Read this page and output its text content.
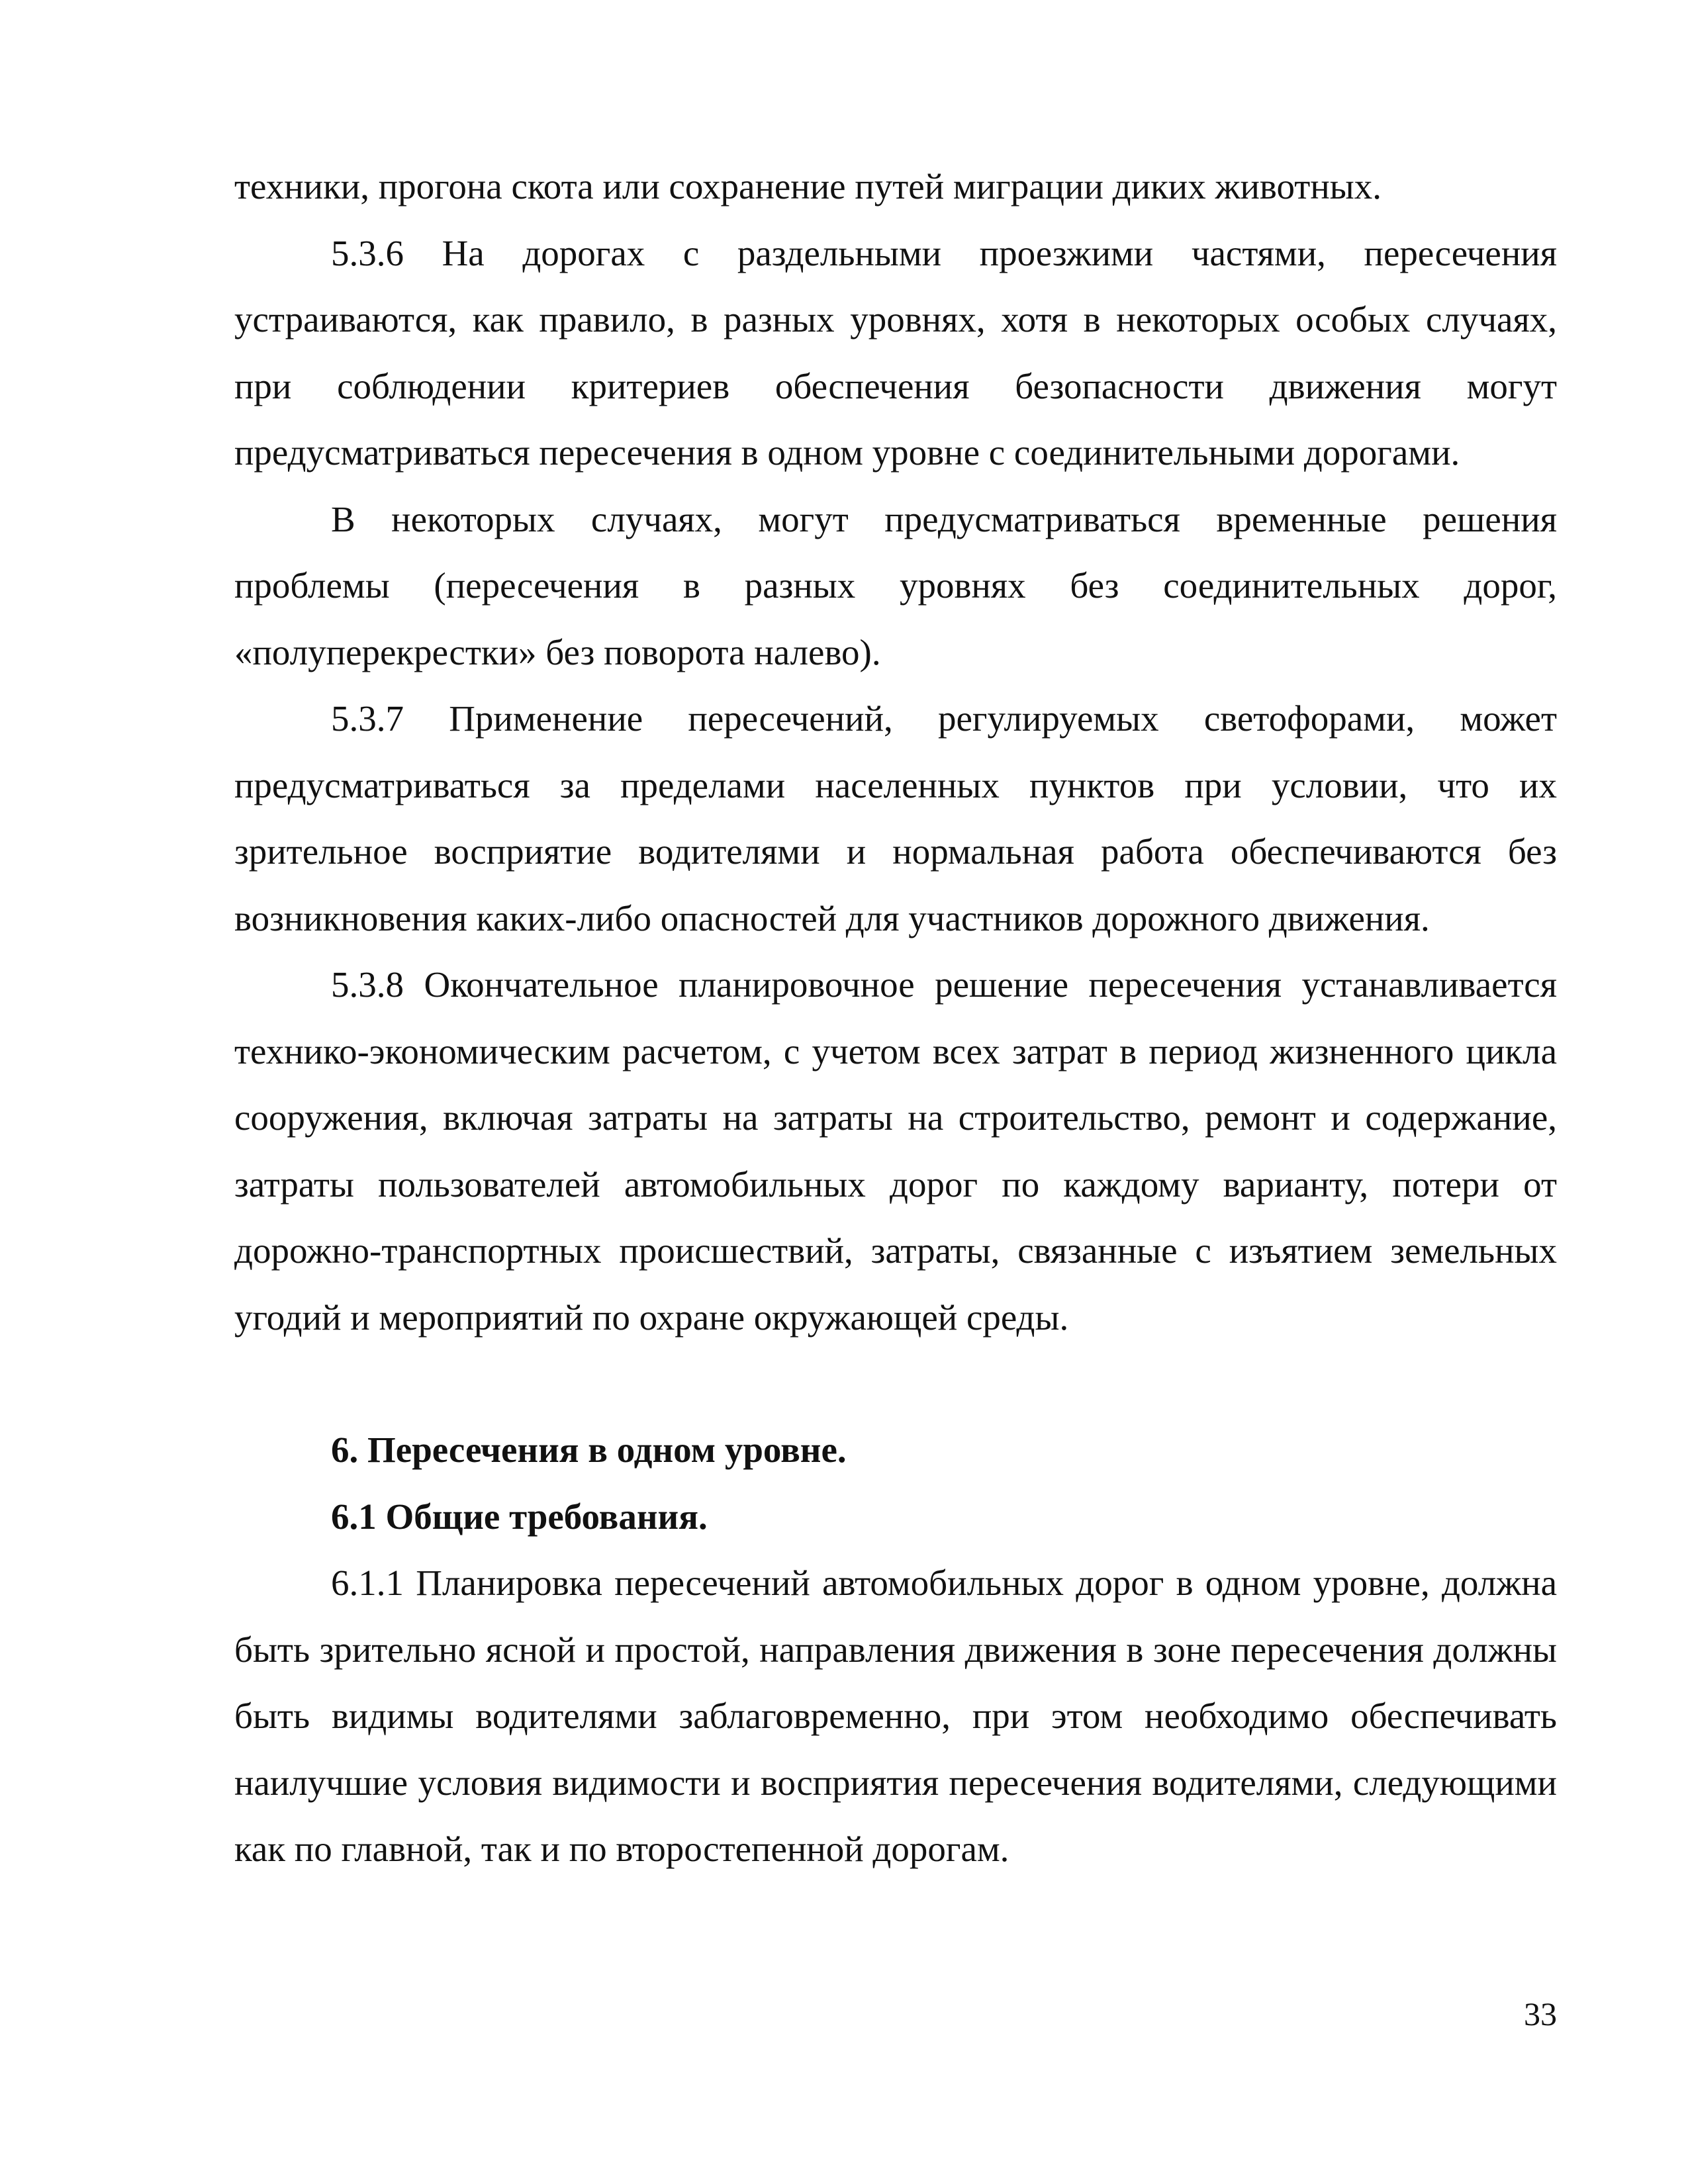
техники, прогона скота или сохранение путей миграции диких животных.

5.3.6 На дорогах с раздельными проезжими частями, пересечения устраиваются, как правило, в разных уровнях, хотя в некоторых особых случаях, при соблюдении критериев обеспечения безопасности движения могут предусматриваться пересечения в одном уровне с соединительными дорогами.

В некоторых случаях, могут предусматриваться временные решения проблемы (пересечения в разных уровнях без соединительных дорог, «полуперекрестки» без поворота налево).

5.3.7 Применение пересечений, регулируемых светофорами, может предусматриваться за пределами населенных пунктов при условии, что их зрительное восприятие водителями и нормальная работа обеспечиваются без возникновения каких-либо опасностей для участников дорожного движения.

5.3.8 Окончательное планировочное решение пересечения устанавливается технико-экономическим расчетом, с учетом всех затрат в период жизненного цикла сооружения, включая затраты на затраты на строительство, ремонт и содержание, затраты пользователей автомобильных дорог по каждому варианту, потери от дорожно-транспортных происшествий, затраты, связанные с изъятием земельных угодий и мероприятий по охране окружающей среды.

6. Пересечения в одном уровне.

6.1 Общие требования.

6.1.1 Планировка пересечений автомобильных дорог в одном уровне, должна быть зрительно ясной и простой, направления движения в зоне пересечения должны быть видимы водителями заблаговременно, при этом необходимо обеспечивать наилучшие условия видимости и восприятия пересечения водителями, следующими как по главной, так и по второстепенной дорогам.

33
